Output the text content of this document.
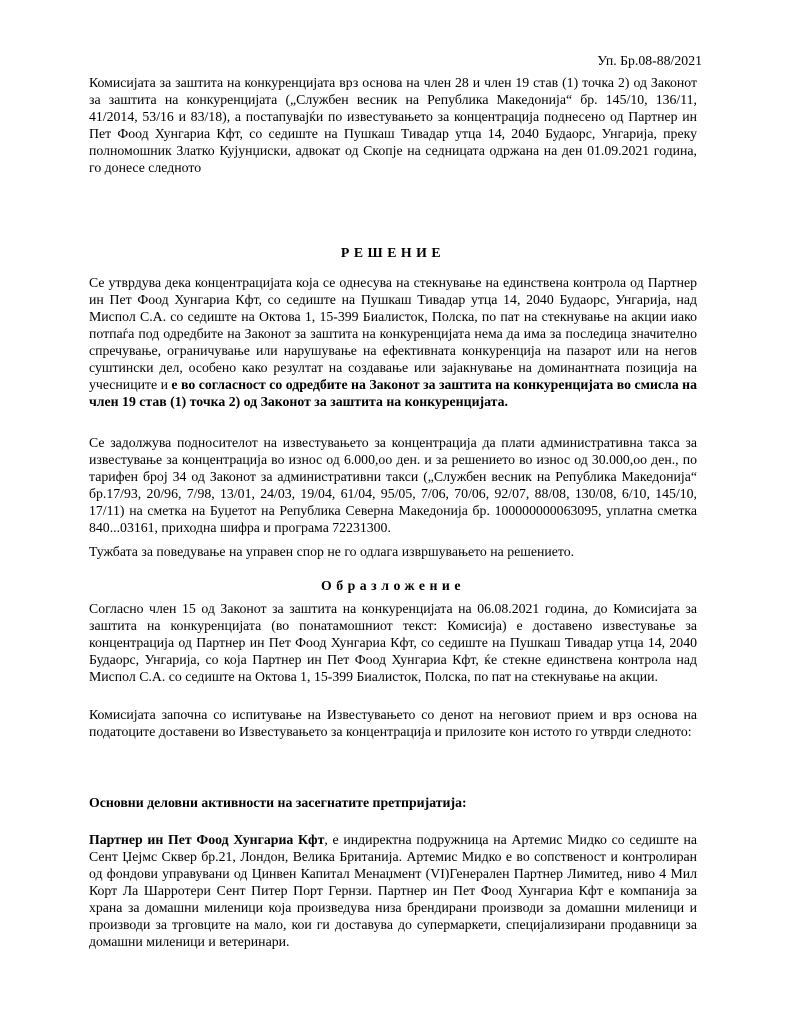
Уп. Бр.08-88/2021

Комисијата за заштита на конкуренцијата врз основа на член 28 и член 19 став (1) точка 2) од Законот за заштита на конкуренцијата („Службен весник на Република Македонија“ бр. 145/10, 136/11, 41/2014, 53/16 и 83/18), а постапувајќи по известувањето за концентрација поднесено од Партнер ин Пет Фоод Хунгариа Кфт, со седиште на Пушкаш Тивадар утца 14, 2040 Будаорс, Унгарија, преку полномошник Златко Кујунџиски, адвокат од Скопје на седницата одржана на ден 01.09.2021 година, го донесе следното

РЕШЕНИЕ

Се утврдува дека концентрацијата која се однесува на стекнување на единствена контрола од Партнер ин Пет Фоод Хунгариа Кфт, со седиште на Пушкаш Тивадар утца 14, 2040 Будаорс, Унгарија, над Миспол С.А. со седиште на Октова 1, 15-399 Биалисток, Полска, по пат на стекнување на акции иако потпаѓа под одредбите на Законот за заштита на конкуренцијата нема да има за последица значително спречување, ограничување или нарушување на ефективната конкуренција на пазарот или на негов суштински дел, особено како резултат на создавање или зајакнување на доминантната позиција на учесниците и е во согласност со одредбите на Законот за заштита на конкуренцијата во смисла на член 19 став (1) точка 2) од Законот за заштита на конкуренцијата.

Се задолжува подносителот на известувањето за концентрација да плати административна такса за известување за концентрација во износ од 6.000,оо ден. и за решението во износ од 30.000,оо ден., по тарифен број 34 од Законот за административни такси („Службен весник на Република Македонија“ бр.17/93, 20/96, 7/98, 13/01, 24/03, 19/04, 61/04, 95/05, 7/06, 70/06, 92/07, 88/08, 130/08, 6/10, 145/10, 17/11) на сметка на Буџетот на Република Северна Македонија бр. 100000000063095, уплатна сметка 840...03161, приходна шифра и програма 72231300.

Тужбата за поведување на управен спор не го одлага извршувањето на решението.

Образложение

Согласно член 15 од Законот за заштита на конкуренцијата на 06.08.2021 година, до Комисијата за заштита на конкуренцијата (во понатамошниот текст: Комисија) е доставено известување за концентрација од Партнер ин Пет Фоод Хунгариа Кфт, со седиште на Пушкаш Тивадар утца 14, 2040 Будаорс, Унгарија, со која Партнер ин Пет Фоод Хунгариа Кфт, ќе стекне единствена контрола над Миспол С.А. со седиште на Октова 1, 15-399 Биалисток, Полска, по пат на стекнување на акции.

Комисијата започна со испитување на Известувањето со денот на неговиот прием и врз основа на податоците доставени во Известувањето за концентрација и прилозите кон истото го утврди следното:

Основни деловни активности на засегнатите претпријатија:

Партнер ин Пет Фоод Хунгариа Кфт, е индиректна подружница на Артемис Мидко со седиште на Сент Џејмс Сквер бр.21, Лондон, Велика Британија. Артемис Мидко е во сопственост и контролиран од фондови управувани од Цинвен Капитал Менаџмент (VI)Генерален Партнер Лимитед, ниво 4 Мил Корт Ла Шарротери Сент Питер Порт Гернзи. Партнер ин Пет Фоод Хунгариа Кфт е компанија за храна за домашни миленици која произведува низа брендирани производи за домашни миленици и производи за трговците на мало, кои ги доставува до супермаркети, специјализирани продавници за домашни миленици и ветеринари.
